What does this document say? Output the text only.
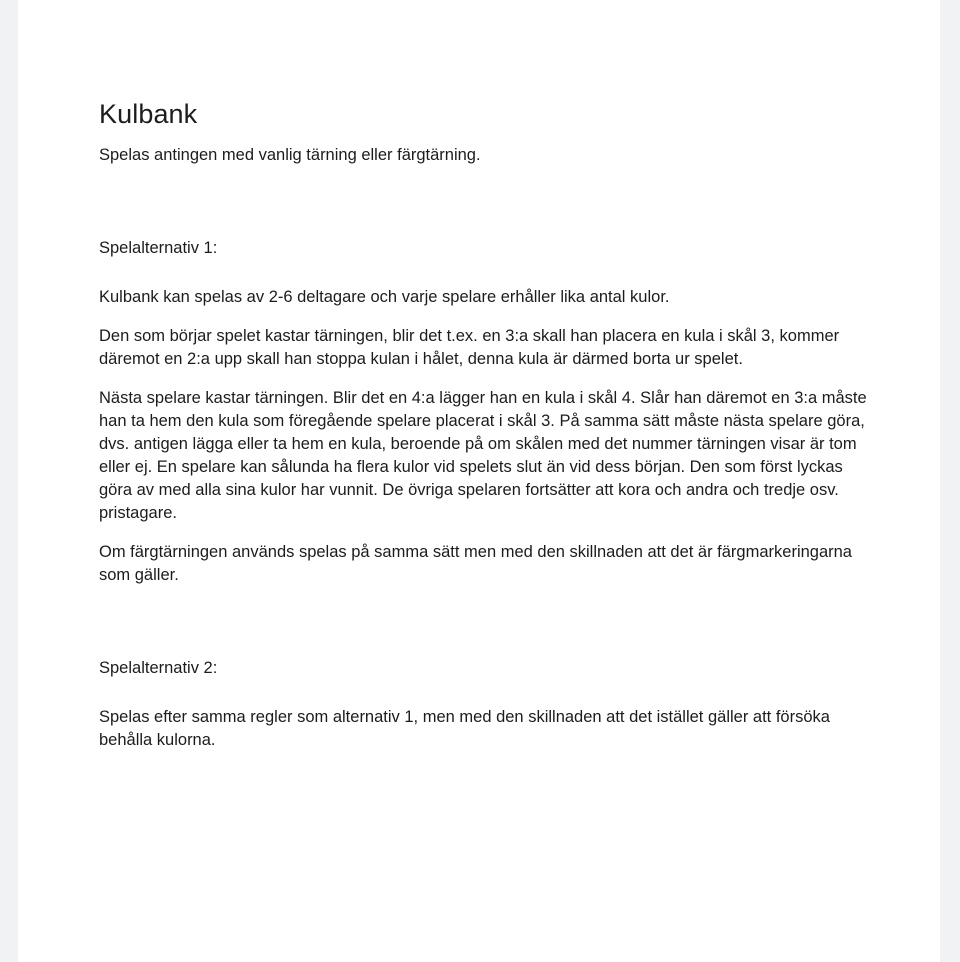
Kulbank

Spelas antingen med vanlig tärning eller färgtärning.

Spelalternativ 1:

Kulbank kan spelas av 2-6 deltagare och varje spelare erhåller lika antal kulor.

Den som börjar spelet kastar tärningen, blir det t.ex. en 3:a skall han placera en kula i skål 3, kommer däremot en 2:a upp skall han stoppa kulan i hålet, denna kula är därmed borta ur spelet.

Nästa spelare kastar tärningen. Blir det en 4:a lägger han en kula i skål 4. Slår han däremot en 3:a måste han ta hem den kula som föregående spelare placerat i skål 3. På samma sätt måste nästa spelare göra, dvs. antigen lägga eller ta hem en kula, beroende på om skålen med det nummer tärningen visar är tom eller ej. En spelare kan sålunda ha flera kulor vid spelets slut än vid dess början. Den som först lyckas göra av med alla sina kulor har vunnit. De övriga spelaren fortsätter att kora och andra och tredje osv. pristagare.

Om färgtärningen används spelas på samma sätt men med den skillnaden att det är färgmarkeringarna som gäller.

Spelalternativ 2:

Spelas efter samma regler som alternativ 1, men med den skillnaden att det istället gäller att försöka behålla kulorna.
